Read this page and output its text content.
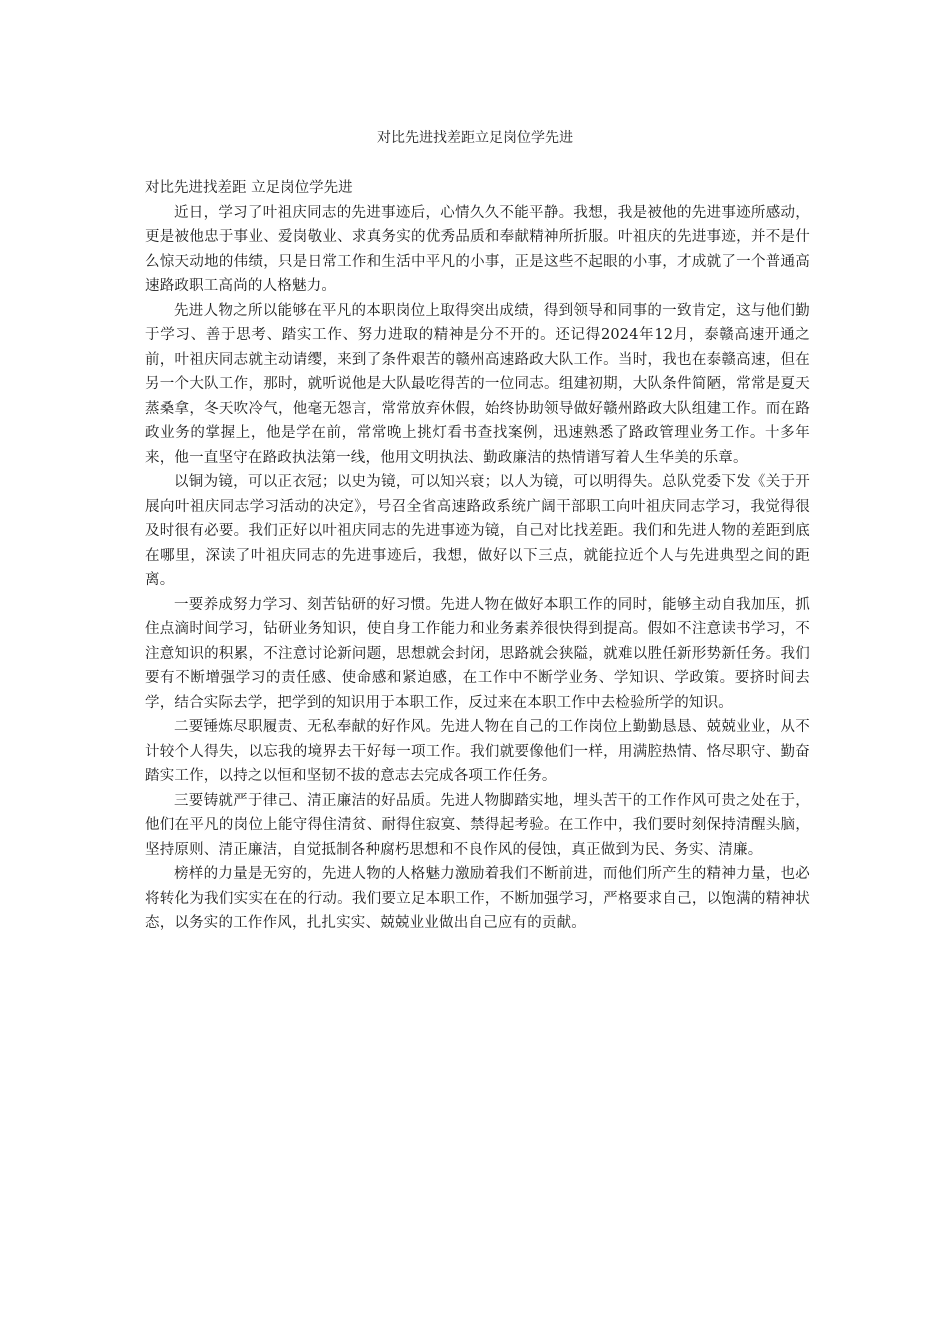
对比先进找差距立足岗位学先进

对比先进找差距 立足岗位学先进

近日，学习了叶祖庆同志的先进事迹后，心情久久不能平静。我想，我是被他的先进事迹所感动，更是被他忠于事业、爱岗敬业、求真务实的优秀品质和奉献精神所折服。叶祖庆的先进事迹，并不是什么惊天动地的伟绩，只是日常工作和生活中平凡的小事，正是这些不起眼的小事，才成就了一个普通高速路政职工高尚的人格魅力。

先进人物之所以能够在平凡的本职岗位上取得突出成绩，得到领导和同事的一致肯定，这与他们勤于学习、善于思考、踏实工作、努力进取的精神是分不开的。还记得2024年12月，泰赣高速开通之前，叶祖庆同志就主动请缨，来到了条件艰苦的赣州高速路政大队工作。当时，我也在泰赣高速，但在另一个大队工作，那时，就听说他是大队最吃得苦的一位同志。组建初期，大队条件简陋，常常是夏天蒸桑拿，冬天吹冷气，他毫无怨言，常常放弃休假，始终协助领导做好赣州路政大队组建工作。而在路政业务的掌握上，他是学在前，常常晚上挑灯看书查找案例，迅速熟悉了路政管理业务工作。十多年来，他一直坚守在路政执法第一线，他用文明执法、勤政廉洁的热情谱写着人生华美的乐章。

以铜为镜，可以正衣冠；以史为镜，可以知兴衰；以人为镜，可以明得失。总队党委下发《关于开展向叶祖庆同志学习活动的决定》，号召全省高速路政系统广阔干部职工向叶祖庆同志学习，我觉得很及时很有必要。我们正好以叶祖庆同志的先进事迹为镜，自己对比找差距。我们和先进人物的差距到底在哪里，深读了叶祖庆同志的先进事迹后，我想，做好以下三点，就能拉近个人与先进典型之间的距离。

一要养成努力学习、刻苦钻研的好习惯。先进人物在做好本职工作的同时，能够主动自我加压，抓住点滴时间学习，钻研业务知识，使自身工作能力和业务素养很快得到提高。假如不注意读书学习，不注意知识的积累，不注意讨论新问题，思想就会封闭，思路就会狭隘，就难以胜任新形势新任务。我们要有不断增强学习的责任感、使命感和紧迫感，在工作中不断学业务、学知识、学政策。要挤时间去学，结合实际去学，把学到的知识用于本职工作，反过来在本职工作中去检验所学的知识。

二要锤炼尽职履责、无私奉献的好作风。先进人物在自己的工作岗位上勤勤恳恳、兢兢业业，从不计较个人得失，以忘我的境界去干好每一项工作。我们就要像他们一样，用满腔热情、恪尽职守、勤奋踏实工作，以持之以恒和坚韧不拔的意志去完成各项工作任务。

三要铸就严于律己、清正廉洁的好品质。先进人物脚踏实地，埋头苦干的工作作风可贵之处在于，他们在平凡的岗位上能守得住清贫、耐得住寂寞、禁得起考验。在工作中，我们要时刻保持清醒头脑，坚持原则、清正廉洁，自觉抵制各种腐朽思想和不良作风的侵蚀，真正做到为民、务实、清廉。

榜样的力量是无穷的，先进人物的人格魅力激励着我们不断前进，而他们所产生的精神力量，也必将转化为我们实实在在的行动。我们要立足本职工作，不断加强学习，严格要求自己，以饱满的精神状态，以务实的工作作风，扎扎实实、兢兢业业做出自己应有的贡献。
